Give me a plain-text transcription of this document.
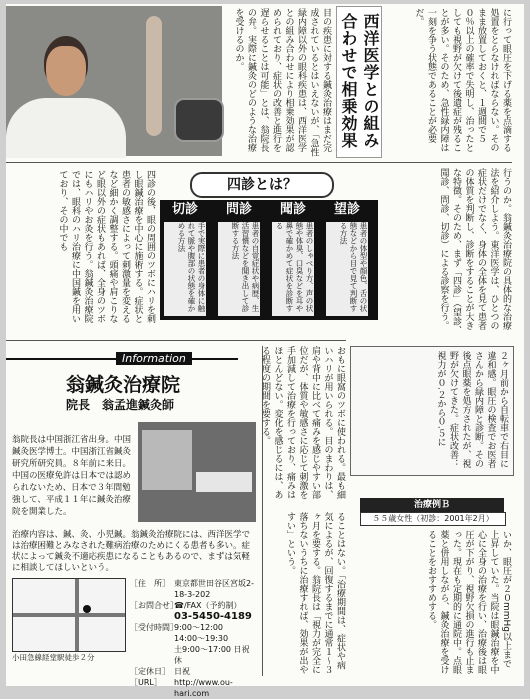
目の疾患に対する鍼灸治療はまだ完成されているとはいえないが、「急性緑内障以外の眼科疾患は、西洋医学との組み合わせにより相乗効果が認められており、症状の改善と進行を遅らせることは可能」とは、翁院長の弁。実際に鍼灸のどのような治療を受けるのか。	西洋医学との組み合わせで相乗効果	に行って眼圧を下げる薬を点滴する処置をとらなければならない。そのまま放置しておくと、１週間で５０％以上の確率で失明し、治ったとしても視野が欠けて後遺症が残ることが多い。そのため、急性緑内障は一刻を争う状態であることが必要だ。
行うのか。翁鍼灸治療院の具体的な治療法を紹介しよう。東洋医学は、ひとつの症状だけでなく、身体の全体を見て患者の体質を判断し、診断をすることが大きな特徴。そのため、まず「四診」（望診、聞診、問診、切診）による診察を行う。
四診とは？
望診
患者の体型や顔色、舌の状態などから目で見て判断する方法
聞診
患者のしゃべり方、声の状態や体臭、口臭などを耳や鼻で確かめて症状を診断する
問診
患者の自覚症状や病歴、生活習慣などを聞き出して診断する方法
切診
手で実際に患者の身体に触れて脈や腹部の状態を確かめる方法
四診の後、眼の周囲のツボにハリを刺し眼鍼治療を中心に施術する。症状と患者の敏感さによって刺激量を変えるなど細かく調整する。頭痛や肩こりなど眼以外の症状もあれば、全身のツボにもハリやお灸を行う。翁鍼灸治療院では、眼科のハリ治療に中国鍼を用いており、その中でも
Information
翁鍼灸治療院
院長　翁孟進鍼灸師
翁院長は中国浙江省出身。中国鍼灸医学博士。中国浙江省鍼灸研究所研究員。８年前に来日。中国の医療免許は日本では認められないため、日本で３年間勉強して、平成１１年に鍼灸治療院を開業した。
治療内容は、鍼、灸、小児鍼。翁鍼灸治療院には、西洋医学では治療困難とみなされた難病治療のためにくる患者も多い。症状によって鍼灸不適応疾患になることもあるので、まずは気軽に相談してほしいという。
小田急線経堂駅徒歩２分
［住　所］ 東京都世田谷区宮坂2-18-3-202
［お問合せ］
☎/FAX（予約制）
03-5450-4189
［受付時間］
9:00〜12:00 14:00〜19:30
土9:00〜17:00 日祝休
［定休日］ 日祝
［URL］	http://www.ou-hari.com
おもに眼窩のツボに使われる。最も細いハリが用いられる。目のまわりは、肩や背中に比べて痛みを感じやすい部位だが、体質や敏感さに応じて刺激を手加減して治療を行っており、痛みはほとんどない。変化を感じるには、ある程度の期間を要する。
ることはない。「治療期間は、症状や病気によるが、回復するまでに通常１〜３ヶ月を要する。翁院長は「視力が完全に落ちないうちに治療すれば、効果が出やすい」という。
２ヶ月前から自転車で右目に違和感。眼圧の検査でお医者さんから緑内障と診断。その後点眼薬を処方されたが、視野が欠けてきた。症状改善：視力が０.２から０.５に
治療例Ｂ
５５歳女性（初診：2001年2月）
いか、眼圧が２０mmHg以上まで上昇していた。当院は眼鍼治療を中心に全身の治療を行い、治療後は眼圧が下がり、視野欠損の進行も止まった。現在も定期的に通院中。点眼薬と併用しながら、鍼灸治療を受けることをおすすめする。
